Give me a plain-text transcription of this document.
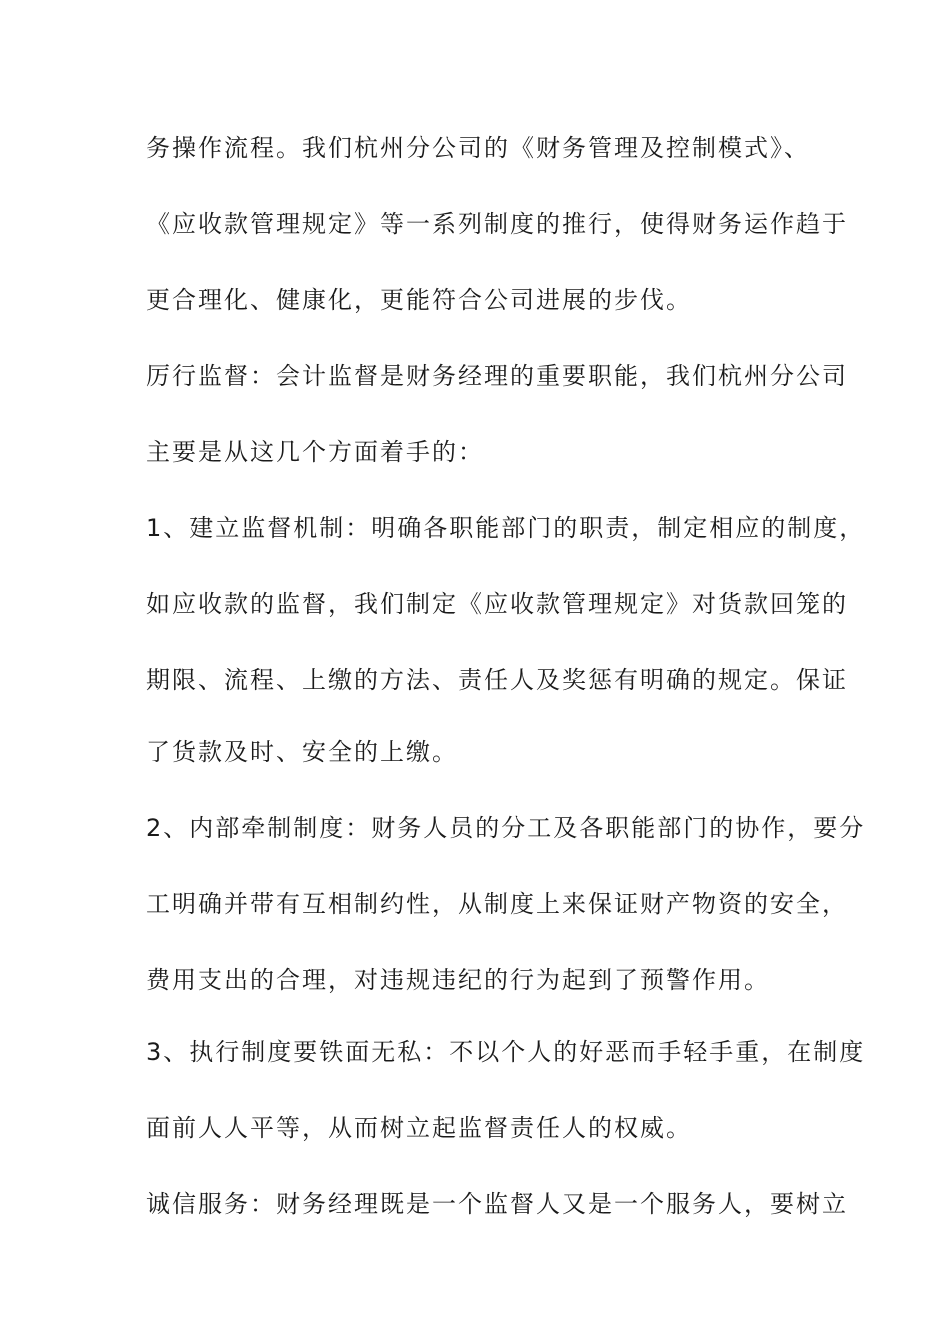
务操作流程。我们杭州分公司的《财务管理及控制模式》、
《应收款管理规定》等一系列制度的推行，使得财务运作趋于
更合理化、健康化，更能符合公司进展的步伐。
厉行监督：会计监督是财务经理的重要职能，我们杭州分公司
主要是从这几个方面着手的：
1、建立监督机制：明确各职能部门的职责，制定相应的制度，
如应收款的监督，我们制定《应收款管理规定》对货款回笼的
期限、流程、上缴的方法、责任人及奖惩有明确的规定。保证
了货款及时、安全的上缴。
2、内部牵制制度：财务人员的分工及各职能部门的协作，要分
工明确并带有互相制约性，从制度上来保证财产物资的安全，
费用支出的合理，对违规违纪的行为起到了预警作用。
3、执行制度要铁面无私：不以个人的好恶而手轻手重，在制度
面前人人平等，从而树立起监督责任人的权威。
诚信服务：财务经理既是一个监督人又是一个服务人，要树立
